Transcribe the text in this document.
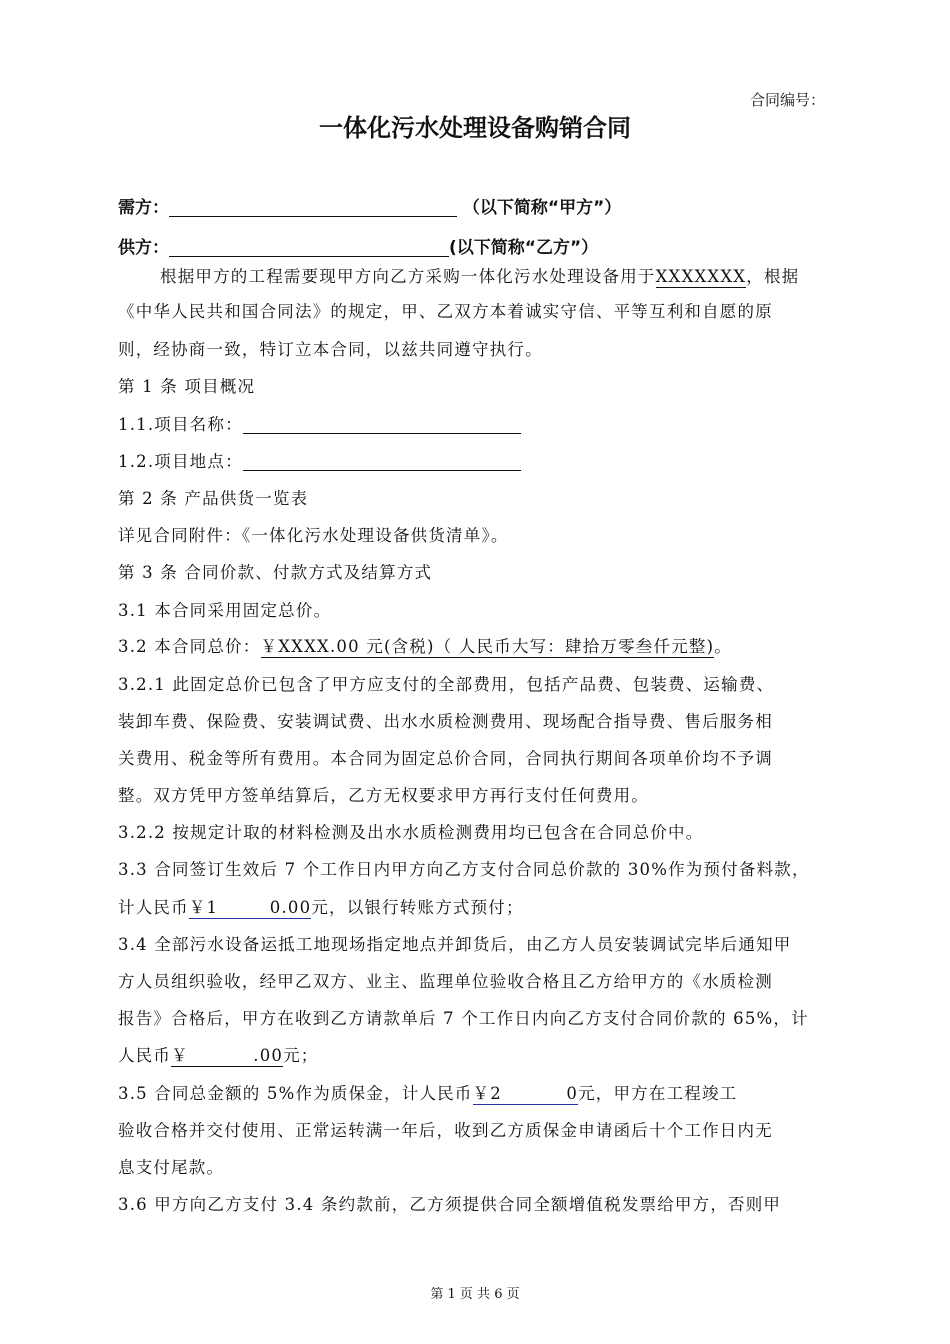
合同编号：
一体化污水处理设备购销合同
需方：	（以下简称“甲方”）
供方：	(以下简称“乙方”）
根据甲方的工程需要现甲方向乙方采购一体化污水处理设备用于XXXXXXX，根据
《中华人民共和国合同法》的规定，甲、乙双方本着诚实守信、平等互利和自愿的原
则，经协商一致，特订立本合同，以兹共同遵守执行。
第 1 条 项目概况
1.1.项目名称：
1.2.项目地点：
第 2 条 产品供货一览表
详见合同附件：《一体化污水处理设备供货清单》。
第 3 条 合同价款、付款方式及结算方式
3.1 本合同采用固定总价。
3.2 本合同总价：￥XXXX.00 元(含税)（ 人民币大写：肆拾万零叁仟元整)。
3.2.1 此固定总价已包含了甲方应支付的全部费用，包括产品费、包装费、运输费、
装卸车费、保险费、安装调试费、出水水质检测费用、现场配合指导费、售后服务相
关费用、税金等所有费用。本合同为固定总价合同，合同执行期间各项单价均不予调
整。双方凭甲方签单结算后，乙方无权要求甲方再行支付任何费用。
3.2.2 按规定计取的材料检测及出水水质检测费用均已包含在合同总价中。
3.3 合同签订生效后 7 个工作日内甲方向乙方支付合同总价款的 30%作为预付备料款，
计人民币￥1        0.00元，以银行转账方式预付；
3.4 全部污水设备运抵工地现场指定地点并卸货后，由乙方人员安装调试完毕后通知甲
方人员组织验收，经甲乙双方、业主、监理单位验收合格且乙方给甲方的《水质检测
报告》合格后，甲方在收到乙方请款单后 7 个工作日内向乙方支付合同价款的 65%，计
人民币￥          .00元；
3.5 合同总金额的 5%作为质保金，计人民币￥2          0元，甲方在工程竣工
验收合格并交付使用、正常运转满一年后，收到乙方质保金申请函后十个工作日内无
息支付尾款。
3.6 甲方向乙方支付 3.4 条约款前，乙方须提供合同全额增值税发票给甲方，否则甲
第 1 页 共 6 页
